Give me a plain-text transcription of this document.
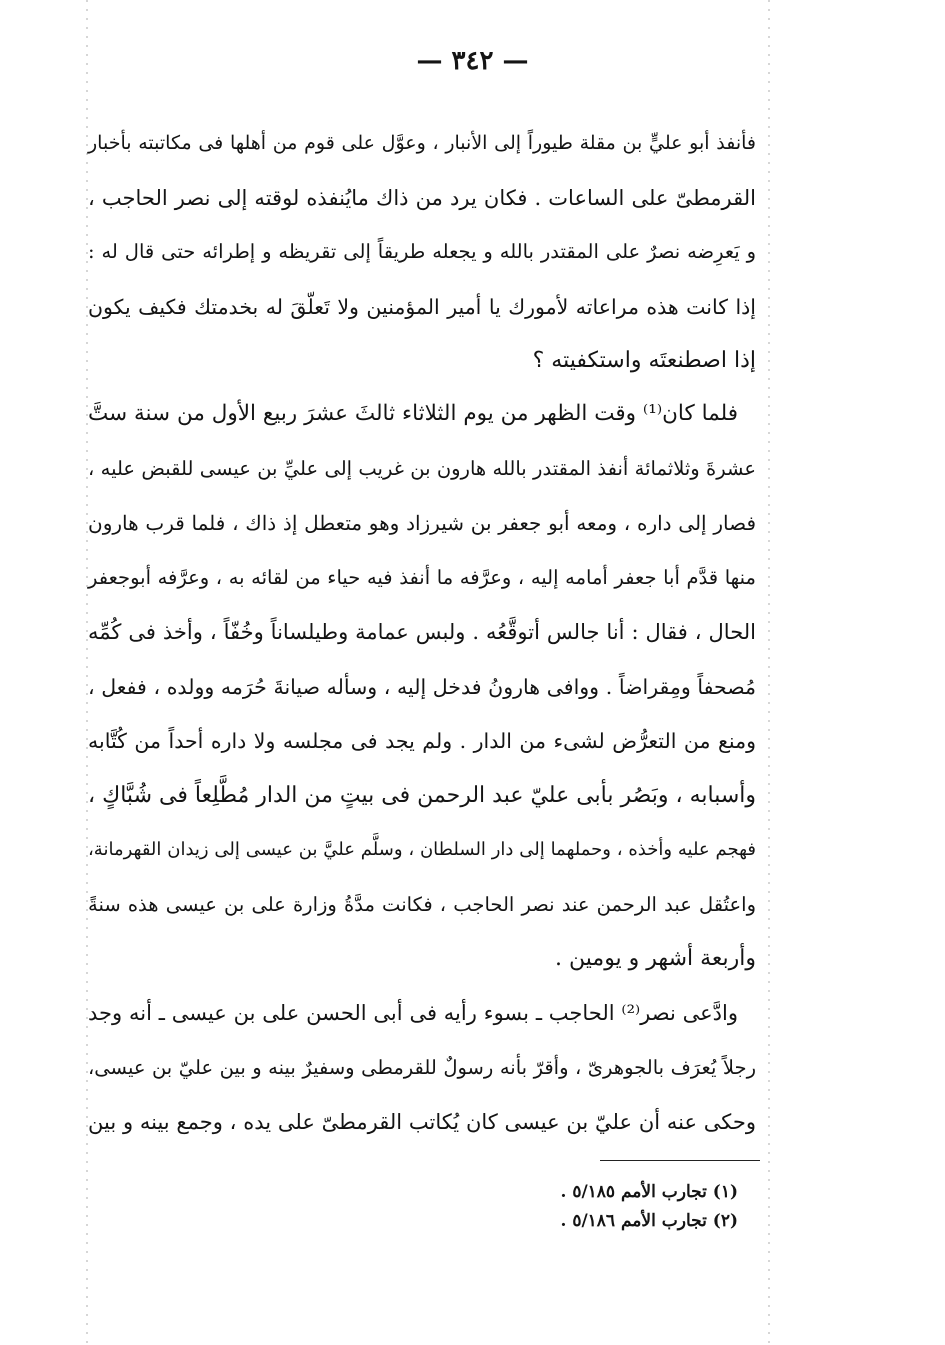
— ٣٤٢ —
فأنفذ أبو عليٍّ بن مقلة طيوراً إلى الأنبار ، وعوَّل على قوم من أهلها فى مكاتبته بأخبار
القرمطىّ على الساعات . فكان يرد من ذاك مايُنفذه لوقته إلى نصر الحاجب ،
و يَعرِضه نصرٌ على المقتدر بالله و يجعله طريقاً إلى تقريظه و إطرائه حتى قال له :
إذا كانت هذه مراعاته لأمورك يا أمير المؤمنين ولا تَعلّقَ له بخدمتك فكيف يكون
إذا اصطنعتَه واستكفيته ؟
فلما كان⁽¹⁾ وقت الظهر من يوم الثلاثاء ثالثَ عشرَ ربيع الأول من سنة ستَّ
عشرةَ وثلاثمائة أنفذ المقتدر بالله هارون بن غريب إلى عليِّ بن عيسى للقبض عليه ،
فصار إلى داره ، ومعه أبو جعفر بن شيرزاد وهو متعطل إذ ذاك ، فلما قرب هارون
منها قدَّم أبا جعفر أمامه إليه ، وعرَّفه ما أنفذ فيه حياء من لقائه به ، وعرَّفه أبوجعفر
الحال ، فقال : أنا جالس أتوقَّعُه . ولبس عمامة وطيلساناً وخُفّاً ، وأخذ فى كُمِّه
مُصحفاً ومِقراضاً . ووافى هارونُ فدخل إليه ، وسأله صيانةَ حُرَمه وولده ، ففعل ،
ومنع من التعرُّض لشىء من الدار . ولم يجد فى مجلسه ولا داره أحداً من كُتَّابه
وأسبابه ، وبَصُر بأبى عليّ عبد الرحمن فى بيتٍ من الدار مُطَّلِعاً فى شُبَّاكٍ ،
فهجم عليه وأخذه ، وحملهما إلى دار السلطان ، وسلَّم عليَّ بن عيسى إلى زيدان القهرمانة،
واعتُقل عبد الرحمن عند نصر الحاجب ، فكانت مدَّةُ وزارة على بن عيسى هذه سنةً
وأربعة أشهر و يومين .
وادَّعى نصر⁽²⁾ الحاجب ـ بسوء رأيه فى أبى الحسن على بن عيسى ـ أنه وجد
رجلاً يُعرَف بالجوهرىّ ، وأقرّ بأنه رسولٌ للقرمطى وسفيرٌ بينه و بين عليّ بن عيسى،
وحكى عنه أن عليّ بن عيسى كان يُكاتب القرمطىّ على يده ، وجمع بينه و بين
(١) تجارب الأمم ٥/١٨٥ .
(٢) تجارب الأمم ٥/١٨٦ .
